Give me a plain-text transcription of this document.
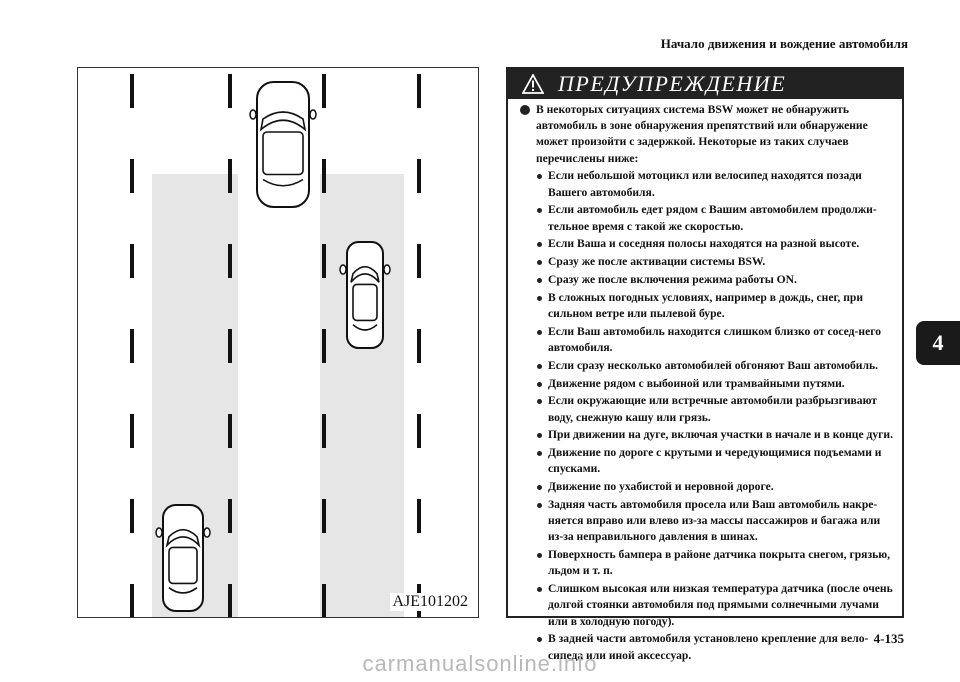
Начало движения и вождение автомобиля
AJE101202
ПРЕДУПРЕЖДЕНИЕ
В некоторых ситуациях система BSW может не обнаружить автомобиль в зоне обнаружения препятствий или обнаружение может произойти с задержкой. Некоторые из таких случаев перечислены ниже:
Если небольшой мотоцикл или велосипед находятся позади Вашего автомобиля.
Если автомобиль едет рядом с Вашим автомобилем продолжи-тельное время с такой же скоростью.
Если Ваша и соседняя полосы находятся на разной высоте.
Сразу же после активации системы BSW.
Сразу же после включения режима работы ON.
В сложных погодных условиях, например в дождь, снег, при сильном ветре или пылевой буре.
Если Ваш автомобиль находится слишком близко от сосед-него автомобиля.
Если сразу несколько автомобилей обгоняют Ваш автомобиль.
Движение рядом с выбоиной или трамвайными путями.
Если окружающие или встречные автомобили разбрызгивают воду, снежную кашу или грязь.
При движении на дуге, включая участки в начале и в конце дуги.
Движение по дороге с крутыми и чередующимися подъемами и спусками.
Движение по ухабистой и неровной дороге.
Задняя часть автомобиля просела или Ваш автомобиль накре-няется вправо или влево из-за массы пассажиров и багажа или из-за неправильного давления в шинах.
Поверхность бампера в районе датчика покрыта снегом, грязью, льдом и т. п.
Слишком высокая или низкая температура датчика (после очень долгой стоянки автомобиля под прямыми солнечными лучами или в холодную погоду).
В задней части автомобиля установлено крепление для вело-сипеда или иной аксессуар.
4
4-135
carmanualsonline.info
